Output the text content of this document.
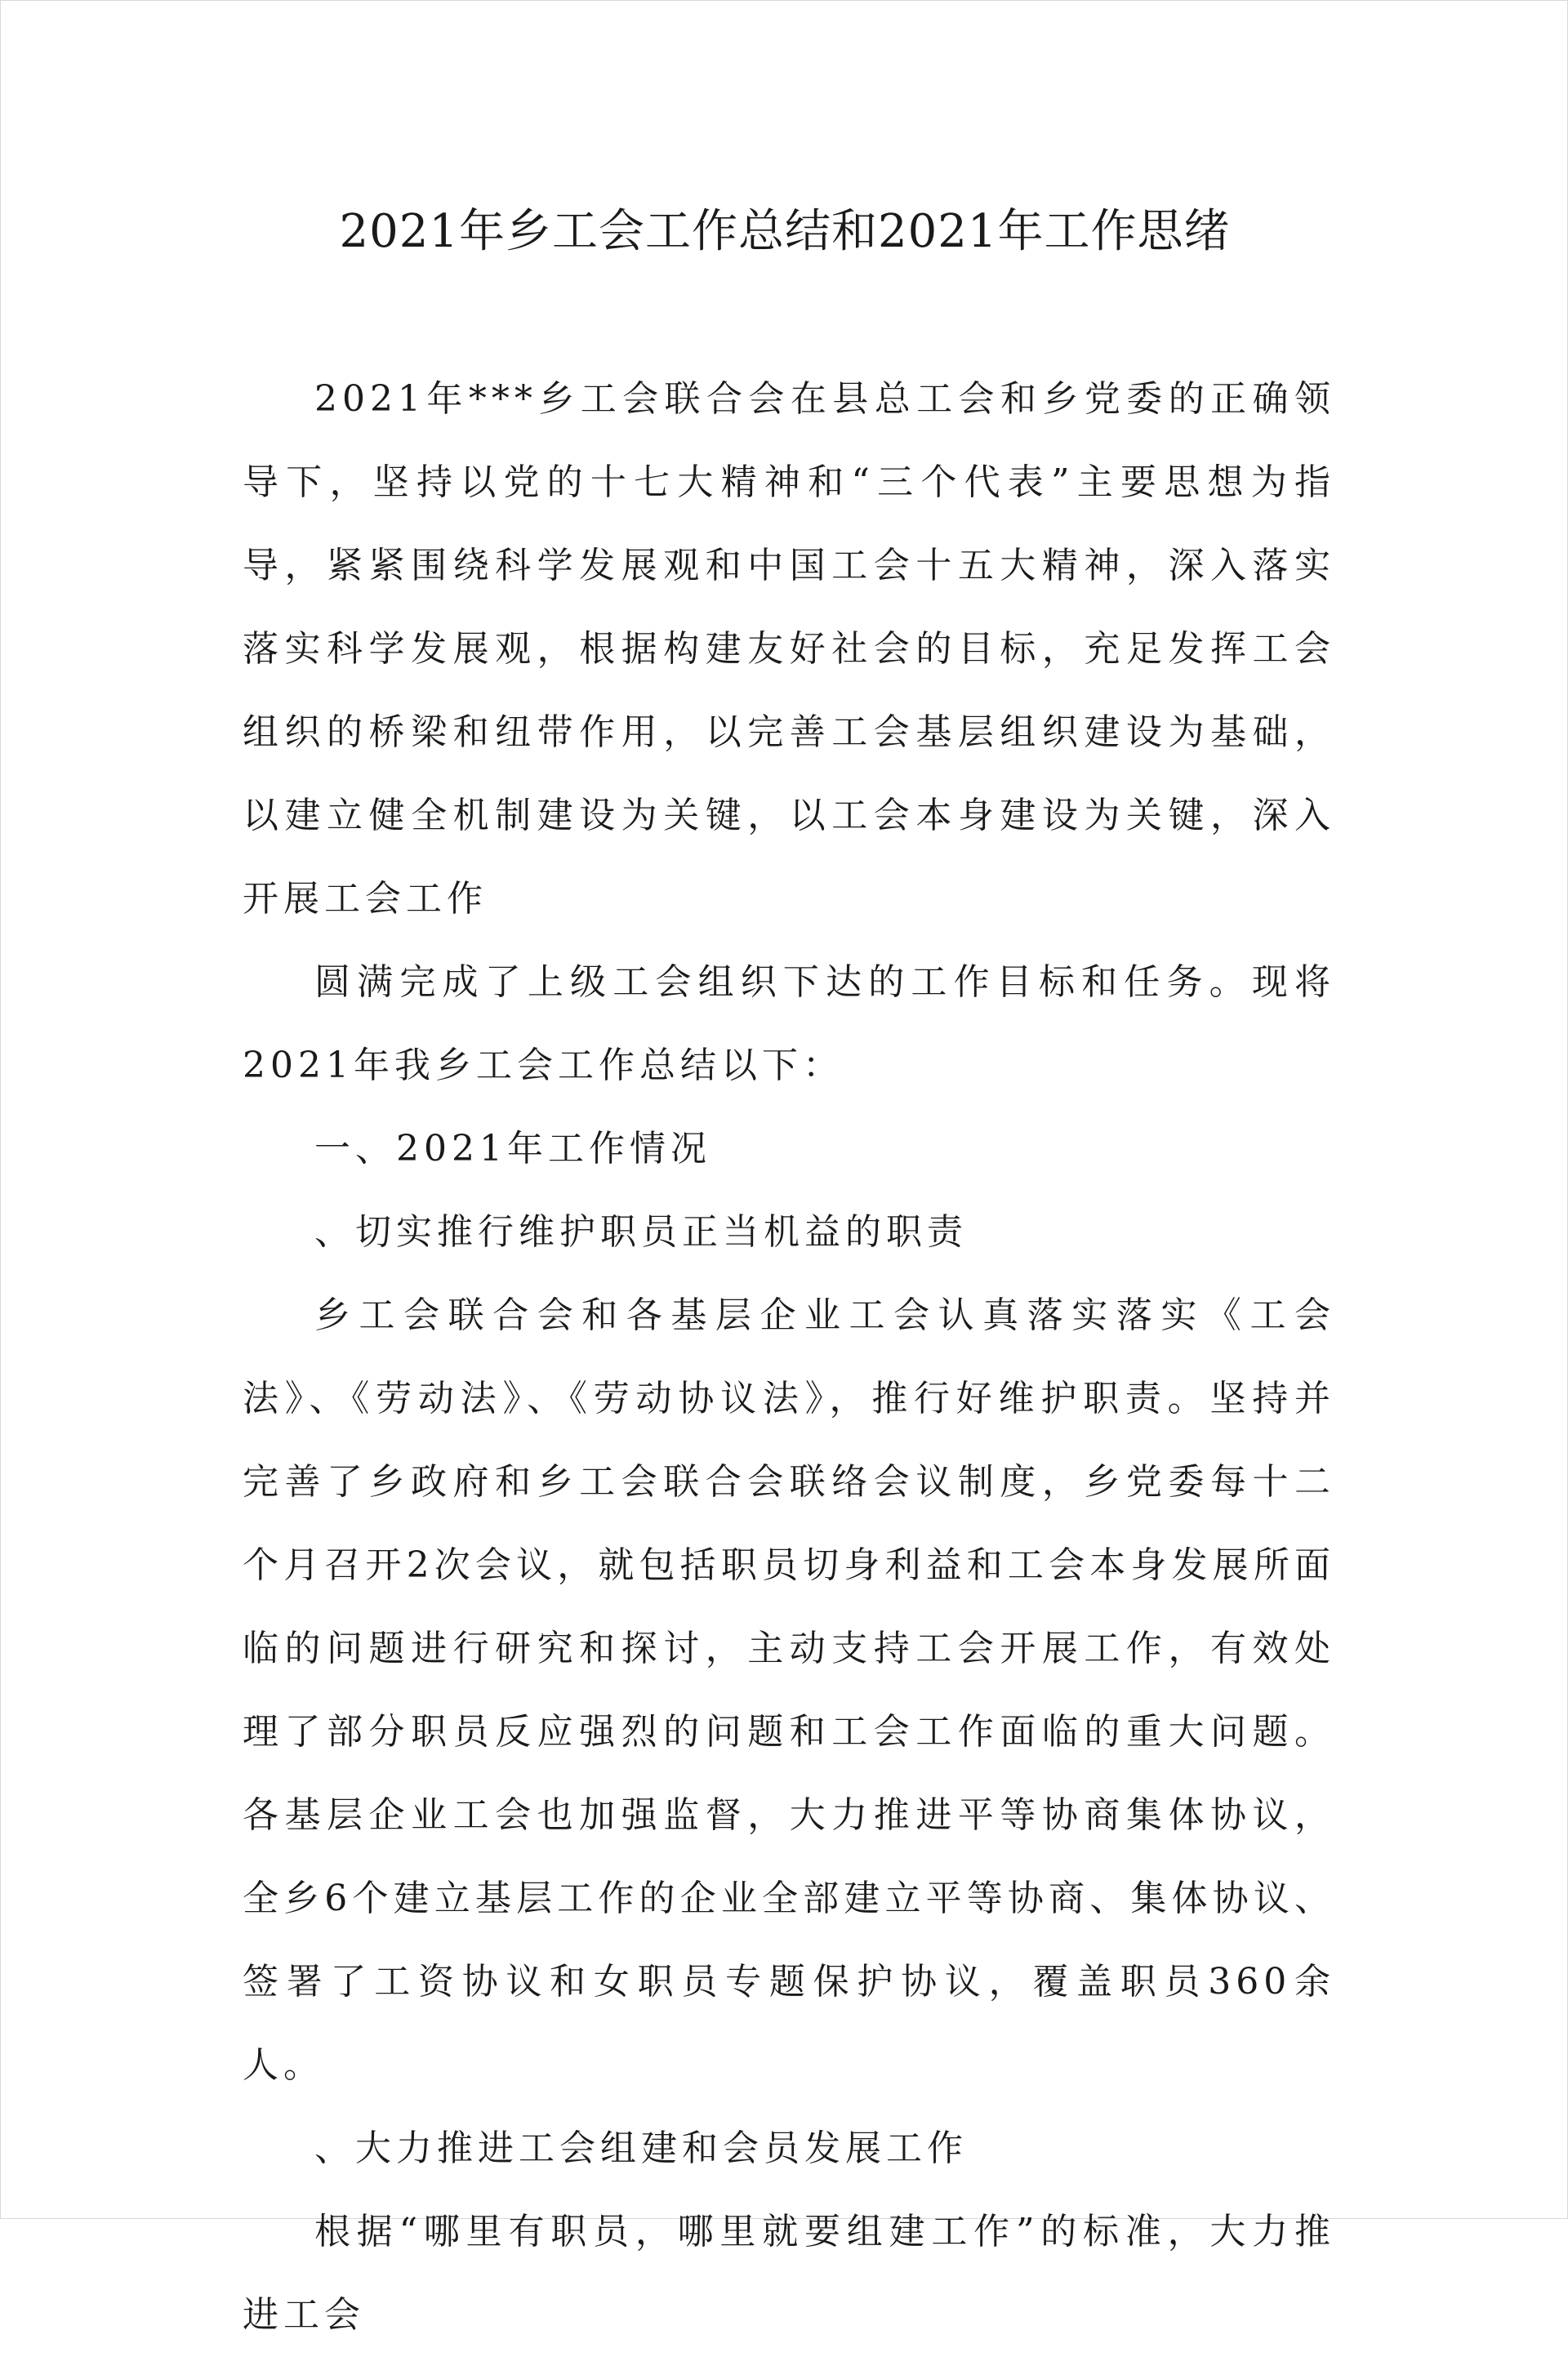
2021年乡工会工作总结和2021年工作思绪

2021年***乡工会联合会在县总工会和乡党委的正确领导下，坚持以党的十七大精神和“三个代表”主要思想为指导，紧紧围绕科学发展观和中国工会十五大精神，深入落实落实科学发展观，根据构建友好社会的目标，充足发挥工会组织的桥梁和纽带作用，以完善工会基层组织建设为基础，以建立健全机制建设为关键，以工会本身建设为关键，深入开展工会工作

圆满完成了上级工会组织下达的工作目标和任务。现将2021年我乡工会工作总结以下：

一、2021年工作情况

、切实推行维护职员正当机益的职责

乡工会联合会和各基层企业工会认真落实落实《工会法》、《劳动法》、《劳动协议法》，推行好维护职责。坚持并完善了乡政府和乡工会联合会联络会议制度，乡党委每十二个月召开2次会议，就包括职员切身利益和工会本身发展所面临的问题进行研究和探讨，主动支持工会开展工作，有效处理了部分职员反应强烈的问题和工会工作面临的重大问题。各基层企业工会也加强监督，大力推进平等协商集体协议，全乡6个建立基层工作的企业全部建立平等协商、集体协议、签署了工资协议和女职员专题保护协议，覆盖职员360余人。

、大力推进工会组建和会员发展工作

根据“哪里有职员，哪里就要组建工作”的标准，大力推进工会
